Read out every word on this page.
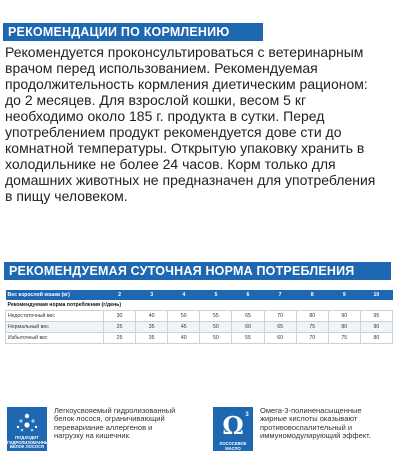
РЕКОМЕНДАЦИИ ПО КОРМЛЕНИЮ
Рекомендуется проконсультироваться с ветеринарным
врачом перед использованием. Рекомендуемая
продолжительность кормления диетическим рационом:
до 2 месяцев. Для взрослой кошки, весом 5 кг
необходимо около 185 г. продукта в сутки. Перед
употреблением продукт рекомендуется дове сти до
комнатной температуры. Открытую упаковку хранить в
холодильнике не более 24 часов. Корм только для
домашних животных не предназначен для употребления
в пищу человеком.
РЕКОМЕНДУЕМАЯ СУТОЧНАЯ НОРМА ПОТРЕБЛЕНИЯ
Вес взрослой кошки (кг)	2	3	4	5	6	7	8	9	10
Рекомендуемая норма потребления (г/день)									
Недостаточный вес	30	40	50	55	65	70	80	90	95
Нормальный вес	25	35	45	50	60	65	75	80	90
Избыточный вес	25	35	40	50	55	60	70	75	80
ПОДХОДИТ
ГИДРОЛИЗОВАННЫЙ
БЕЛОК ЛОСОСЯ
Легкоусвояемый гидролизованный
белок лосося, ограничивающий
перевариание аллергенов и
нагрузку на кишечник.	Ω 3
ЛОСОСЕВОЕ МАСЛО
Омега-3-полиненасыщенные
жирные кислоты оказывают
противовоспалительный и
иммуномодулирующий эффект.
